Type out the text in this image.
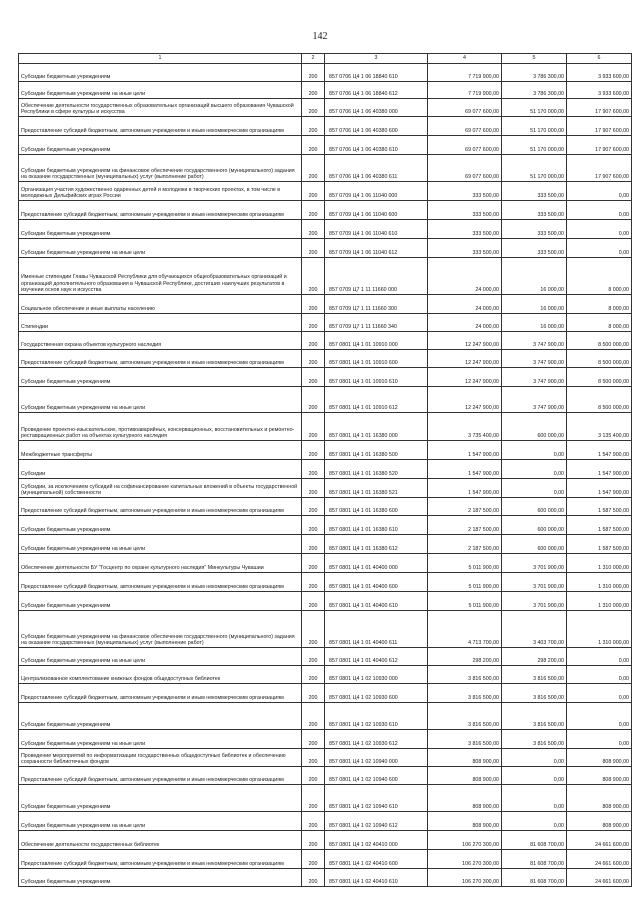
142
1	2	3	4	5	6
Субсидии бюджетным учреждениям	200	857 0706 Ц4 1 06 18840 610	7 719 900,00	3 786 300,00	3 933 600,00
Субсидии бюджетным учреждениям на иные цели	200	857 0706 Ц4 1 06 18840 612	7 719 900,00	3 786 300,00	3 933 600,00
Обеспечение деятельности государственных образовательных организаций высшего образования Чувашской Республики в сфере культуры и искусства	200	857 0706 Ц4 1 06 40380 000	69 077 600,00	51 170 000,00	17 907 600,00
Предоставление субсидий бюджетным, автономным учреждениям и иным некоммерческим организациям	200	857 0706 Ц4 1 06 40380 600	69 077 600,00	51 170 000,00	17 907 600,00
Субсидии бюджетным учреждениям	200	857 0706 Ц4 1 06 40380 610	69 077 600,00	51 170 000,00	17 907 600,00
Субсидии бюджетным учреждениям на финансовое обеспечение государственного (муниципального) задания на оказание государственных (муниципальных) услуг (выполнение работ)	200	857 0706 Ц4 1 06 40380 611	69 077 600,00	51 170 000,00	17 907 600,00
Организация участия художественно одаренных детей и молодежи в творческих проектах, в том числе в молодежных Дельфийских играх России	200	857 0709 Ц4 1 06 11040 000	333 500,00	333 500,00	0,00
Предоставление субсидий бюджетным, автономным учреждениям и иным некоммерческим организациям	200	857 0709 Ц4 1 06 11040 600	333 500,00	333 500,00	0,00
Субсидии бюджетным учреждениям	200	857 0709 Ц4 1 06 11040 610	333 500,00	333 500,00	0,00
Субсидии бюджетным учреждениям на иные цели	200	857 0709 Ц4 1 06 11040 612	333 500,00	333 500,00	0,00
Именные стипендии Главы Чувашской Республики для обучающихся общеобразовательных организаций и организаций дополнительного образования в Чувашской Республике, достигших наилучших результатов в изучении основ наук и искусства	200	857 0709 Ц7 1 11 11660 000	24 000,00	16 000,00	8 000,00
Социальное обеспечение и иные выплаты населению	200	857 0709 Ц7 1 11 11660 300	24 000,00	16 000,00	8 000,00
Стипендии	200	857 0709 Ц7 1 11 11660 340	24 000,00	16 000,00	8 000,00
Государственная охрана объектов культурного наследия	200	857 0801 Ц4 1 01 10910 000	12 247 900,00	3 747 900,00	8 500 000,00
Предоставление субсидий бюджетным, автономным учреждениям и иным некоммерческим организациям	200	857 0801 Ц4 1 01 10910 600	12 247 900,00	3 747 900,00	8 500 000,00
Субсидии бюджетным учреждениям	200	857 0801 Ц4 1 01 10910 610	12 247 900,00	3 747 900,00	8 500 000,00
Субсидии бюджетным учреждениям на иные цели	200	857 0801 Ц4 1 01 10910 612	12 247 900,00	3 747 900,00	8 500 000,00
Проведение проектно-изыскательских, противоаварийных, консервационных, восстановительных и ремонтно-реставрационных работ на объектах культурного наследия	200	857 0801 Ц4 1 01 16380 000	3 735 400,00	600 000,00	3 135 400,00
Межбюджетные трансферты	200	857 0801 Ц4 1 01 16380 500	1 547 900,00	0,00	1 547 900,00
Субсидии	200	857 0801 Ц4 1 01 16380 520	1 547 900,00	0,00	1 547 900,00
Субсидии, за исключением субсидий на софинансирование капитальных вложений в объекты государственной (муниципальной) собственности	200	857 0801 Ц4 1 01 16380 521	1 547 900,00	0,00	1 547 900,00
Предоставление субсидий бюджетным, автономным учреждениям и иным некоммерческим организациям	200	857 0801 Ц4 1 01 16380 600	2 187 500,00	600 000,00	1 587 500,00
Субсидии бюджетным учреждениям	200	857 0801 Ц4 1 01 16380 610	2 187 500,00	600 000,00	1 587 500,00
Субсидии бюджетным учреждениям на иные цели	200	857 0801 Ц4 1 01 16380 612	2 187 500,00	600 000,00	1 587 500,00
Обеспечение деятельности БУ "Госцентр по охране культурного наследия" Минкультуры Чувашии	200	857 0801 Ц4 1 01 40400 000	5 011 900,00	3 701 900,00	1 310 000,00
Предоставление субсидий бюджетным, автономным учреждениям и иным некоммерческим организациям	200	857 0801 Ц4 1 01 40400 600	5 011 900,00	3 701 900,00	1 310 000,00
Субсидии бюджетным учреждениям	200	857 0801 Ц4 1 01 40400 610	5 011 900,00	3 701 900,00	1 310 000,00
Субсидии бюджетным учреждениям на финансовое обеспечение государственного (муниципального) задания на оказание государственных (муниципальных) услуг (выполнение работ)	200	857 0801 Ц4 1 01 40400 611	4 713 700,00	3 403 700,00	1 310 000,00
Субсидии бюджетным учреждениям на иные цели	200	857 0801 Ц4 1 01 40400 612	298 200,00	298 200,00	0,00
Централизованное комплектование книжных фондов общедоступных библиотек	200	857 0801 Ц4 1 02 10930 000	3 816 500,00	3 816 500,00	0,00
Предоставление субсидий бюджетным, автономным учреждениям и иным некоммерческим организациям	200	857 0801 Ц4 1 02 10930 600	3 816 500,00	3 816 500,00	0,00
Субсидии бюджетным учреждениям	200	857 0801 Ц4 1 02 10930 610	3 816 500,00	3 816 500,00	0,00
Субсидии бюджетным учреждениям на иные цели	200	857 0801 Ц4 1 02 10930 612	3 816 500,00	3 816 500,00	0,00
Проведение мероприятий по информатизации государственных общедоступных библиотек и обеспечению сохранности библиотечных фондов	200	857 0801 Ц4 1 02 10940 000	808 900,00	0,00	808 900,00
Предоставление субсидий бюджетным, автономным учреждениям и иным некоммерческим организациям	200	857 0801 Ц4 1 02 10940 600	808 900,00	0,00	808 900,00
Субсидии бюджетным учреждениям	200	857 0801 Ц4 1 02 10940 610	808 900,00	0,00	808 900,00
Субсидии бюджетным учреждениям на иные цели	200	857 0801 Ц4 1 02 10940 612	808 900,00	0,00	808 900,00
Обеспечение деятельности государственных библиотек	200	857 0801 Ц4 1 02 40410 000	106 270 300,00	81 608 700,00	24 661 600,00
Предоставление субсидий бюджетным, автономным учреждениям и иным некоммерческим организациям	200	857 0801 Ц4 1 02 40410 600	106 270 300,00	81 608 700,00	24 661 600,00
Субсидии бюджетным учреждениям	200	857 0801 Ц4 1 02 40410 610	106 270 300,00	81 608 700,00	24 661 600,00
